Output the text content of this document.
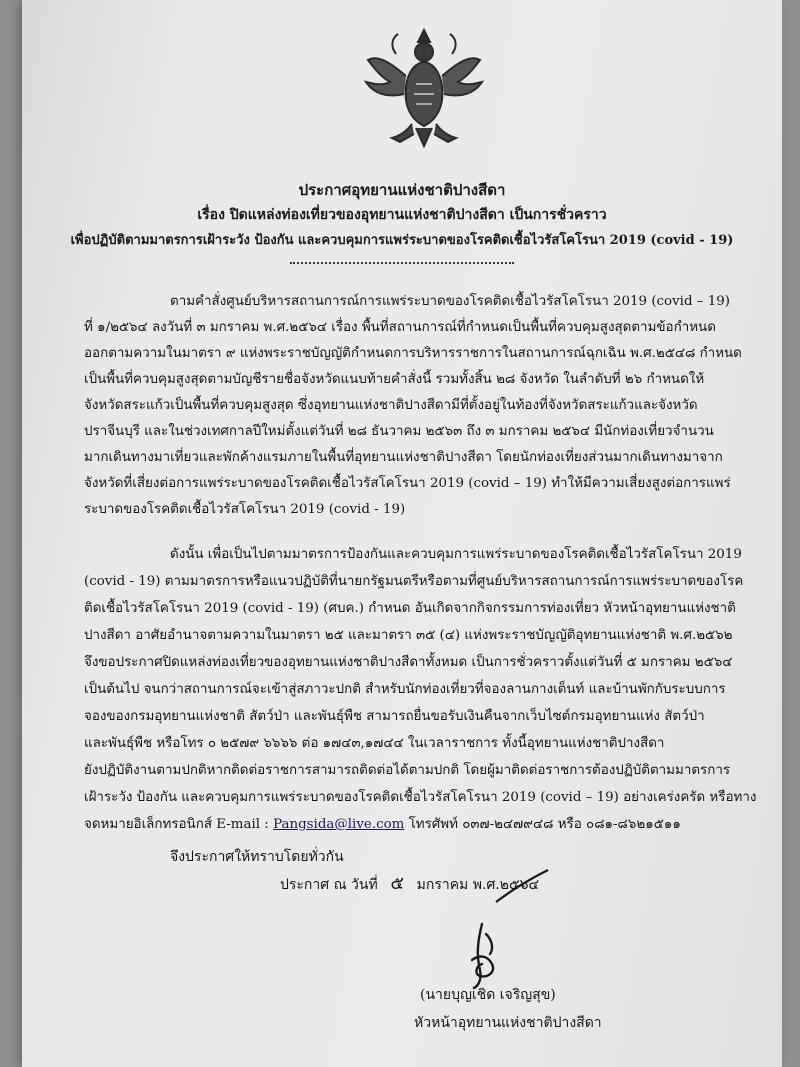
ประกาศอุทยานแห่งชาติปางสีดา
เรื่อง ปิดแหล่งท่องเที่ยวของอุทยานแห่งชาติปางสีดา เป็นการชั่วคราว
เพื่อปฏิบัติตามมาตรการเฝ้าระวัง ป้องกัน และควบคุมการแพร่ระบาดของโรคติดเชื้อไวรัสโคโรนา 2019 (covid - 19)
ตามคำสั่งศูนย์บริหารสถานการณ์การแพร่ระบาดของโรคติดเชื้อไวรัสโคโรนา 2019 (covid – 19)
ที่ ๑/๒๕๖๔ ลงวันที่ ๓ มกราคม พ.ศ.๒๕๖๔ เรื่อง พื้นที่สถานการณ์ที่กำหนดเป็นพื้นที่ควบคุมสูงสุดตามข้อกำหนด
ออกตามความในมาตรา ๙ แห่งพระราชบัญญัติกำหนดการบริหารราชการในสถานการณ์ฉุกเฉิน พ.ศ.๒๕๔๘ กำหนด
เป็นพื้นที่ควบคุมสูงสุดตามบัญชีรายชื่อจังหวัดแนบท้ายคำสั่งนี้ รวมทั้งสิ้น ๒๘ จังหวัด ในลำดับที่ ๒๖ กำหนดให้
จังหวัดสระแก้วเป็นพื้นที่ควบคุมสูงสุด ซึ่งอุทยานแห่งชาติปางสีดามีที่ตั้งอยู่ในท้องที่จังหวัดสระแก้วและจังหวัด
ปราจีนบุรี และในช่วงเทศกาลปีใหม่ตั้งแต่วันที่ ๒๘ ธันวาคม ๒๕๖๓ ถึง ๓ มกราคม ๒๕๖๔ มีนักท่องเที่ยวจำนวน
มากเดินทางมาเที่ยวและพักค้างแรมภายในพื้นที่อุทยานแห่งชาติปางสีดา โดยนักท่องเที่ยงส่วนมากเดินทางมาจาก
จังหวัดที่เสี่ยงต่อการแพร่ระบาดของโรคติดเชื้อไวรัสโคโรนา 2019 (covid – 19) ทำให้มีความเสี่ยงสูงต่อการแพร่
ระบาดของโรคติดเชื้อไวรัสโคโรนา 2019 (covid - 19)
ดังนั้น เพื่อเป็นไปตามมาตรการป้องกันและควบคุมการแพร่ระบาดของโรคติดเชื้อไวรัสโคโรนา 2019
(covid - 19) ตามมาตรการหรือแนวปฏิบัติที่นายกรัฐมนตรีหรือตามที่ศูนย์บริหารสถานการณ์การแพร่ระบาดของโรค
ติดเชื้อไวรัสโคโรนา 2019 (covid - 19) (ศบค.) กำหนด อันเกิดจากกิจกรรมการท่องเที่ยว หัวหน้าอุทยานแห่งชาติ
ปางสีดา อาศัยอำนาจตามความในมาตรา ๒๕ และมาตรา ๓๕ (๔) แห่งพระราชบัญญัติอุทยานแห่งชาติ พ.ศ.๒๕๖๒
จึงขอประกาศปิดแหล่งท่องเที่ยวของอุทยานแห่งชาติปางสีดาทั้งหมด เป็นการชั่วคราวตั้งแต่วันที่ ๕ มกราคม ๒๕๖๔
เป็นต้นไป จนกว่าสถานการณ์จะเข้าสู่สภาวะปกติ สำหรับนักท่องเที่ยวที่จองลานกางเต็นท์ และบ้านพักกับระบบการ
จองของกรมอุทยานแห่งชาติ สัตว์ป่า และพันธุ์พืช สามารถยื่นขอรับเงินคืนจากเว็บไซต์กรมอุทยานแห่ง สัตว์ป่า
และพันธุ์พืช หรือโทร ๐ ๒๕๗๙ ๖๖๖๖ ต่อ ๑๗๔๓,๑๗๔๔ ในเวลาราชการ ทั้งนี้อุทยานแห่งชาติปางสีดา
ยังปฏิบัติงานตามปกติหากติดต่อราชการสามารถติดต่อได้ตามปกติ โดยผู้มาติดต่อราชการต้องปฏิบัติตามมาตรการ
เฝ้าระวัง ป้องกัน และควบคุมการแพร่ระบาดของโรคติดเชื้อไวรัสโคโรนา 2019 (covid – 19) อย่างเคร่งครัด หรือทาง
จดหมายอิเล็กทรอนิกส์ E-mail : Pangsida@live.com โทรศัพท์ ๐๓๗-๒๔๗๙๔๘ หรือ ๐๘๑-๘๖๒๑๕๑๑
จึงประกาศให้ทราบโดยทั่วกัน
ประกาศ ณ วันที่ ๕ มกราคม พ.ศ.๒๕๖๔
(นายบุญเชิด เจริญสุข)
หัวหน้าอุทยานแห่งชาติปางสีดา
